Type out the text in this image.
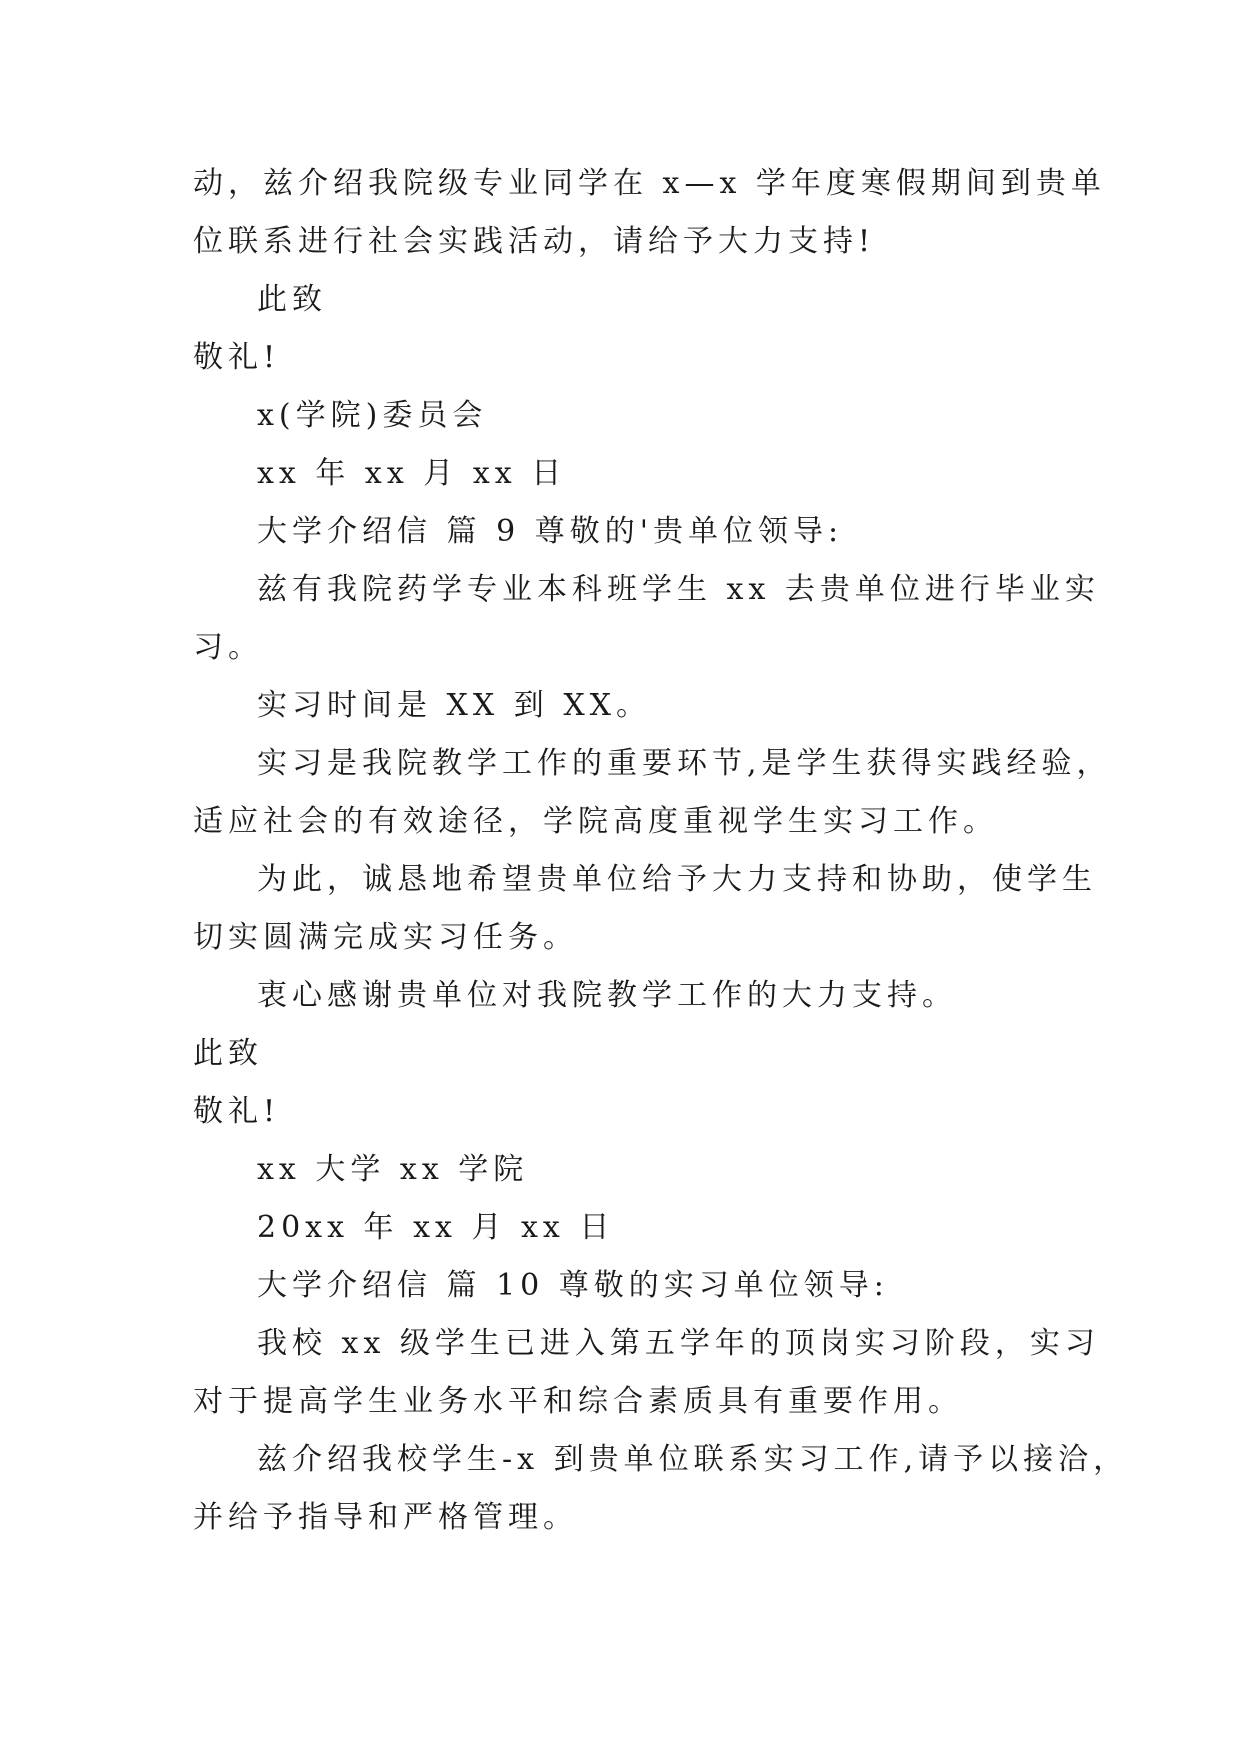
动，兹介绍我院级专业同学在 x—x 学年度寒假期间到贵单
位联系进行社会实践活动，请给予大力支持!
此致
敬礼!
x(学院)委员会
xx 年 xx 月 xx 日
大学介绍信 篇 9 尊敬的'贵单位领导:
兹有我院药学专业本科班学生 xx 去贵单位进行毕业实
习。
实习时间是 XX 到 XX。
实习是我院教学工作的重要环节,是学生获得实践经验，
适应社会的有效途径，学院高度重视学生实习工作。
为此，诚恳地希望贵单位给予大力支持和协助，使学生
切实圆满完成实习任务。
衷心感谢贵单位对我院教学工作的大力支持。
此致
敬礼!
xx 大学 xx 学院
20xx 年 xx 月 xx 日
大学介绍信 篇 10 尊敬的实习单位领导:
我校 xx 级学生已进入第五学年的顶岗实习阶段，实习
对于提高学生业务水平和综合素质具有重要作用。
兹介绍我校学生-x 到贵单位联系实习工作,请予以接洽，
并给予指导和严格管理。
